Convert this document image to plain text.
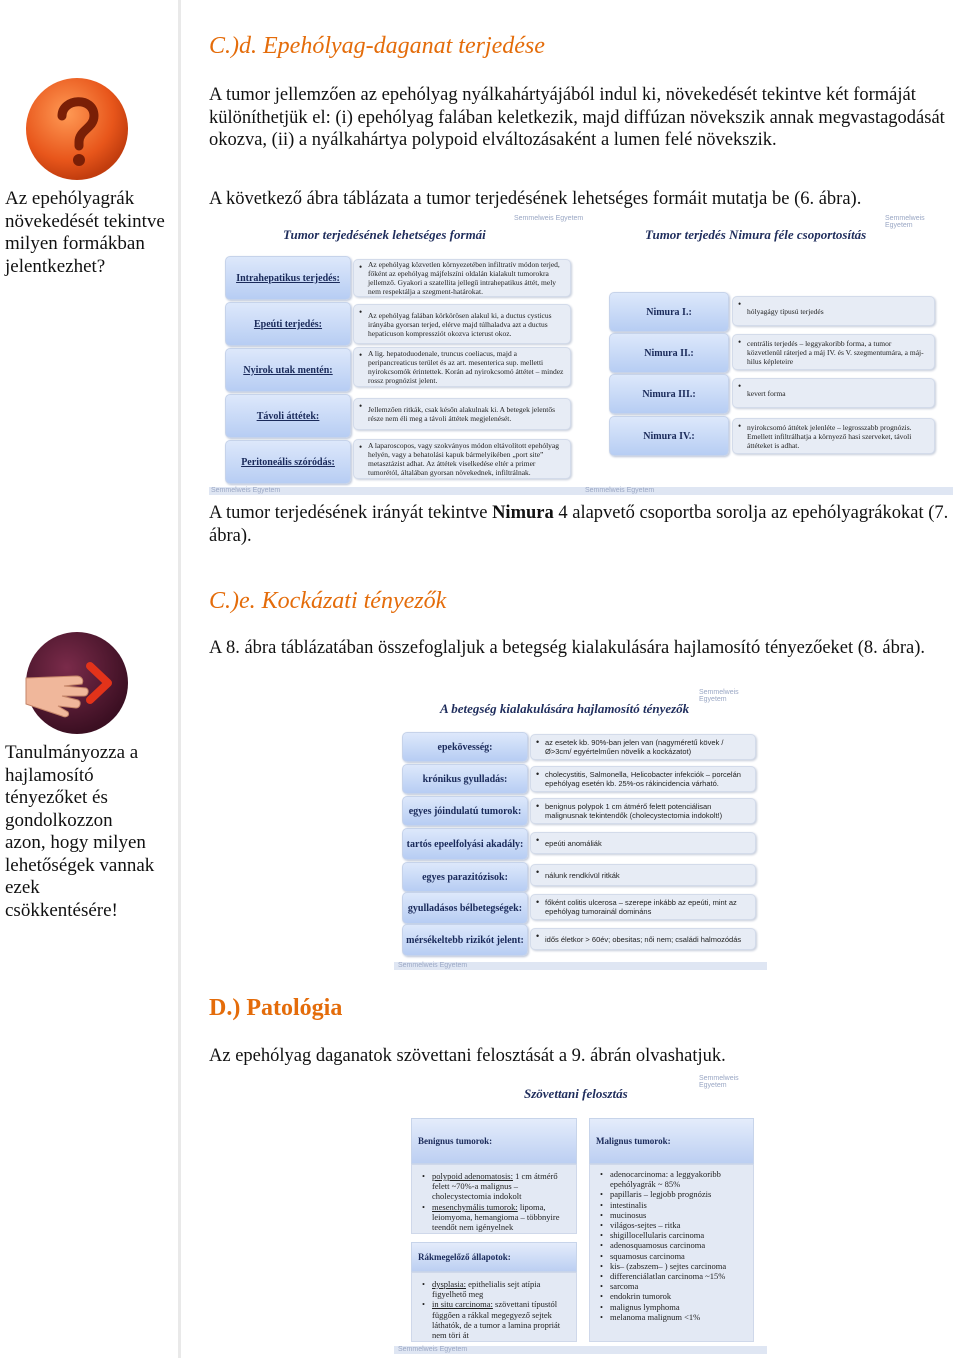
Az epehólyagrák növekedését tekintve milyen formákban jelentkezhet?
Tanulmányozza a hajlamosító tényezőket és gondolkozzon azon, hogy milyen lehetőségek vannak ezek csökkentésére!
C.)d. Epehólyag-daganat terjedése

A tumor jellemzően az epehólyag nyálkahártyájából indul ki, növekedését tekintve két formáját különíthetjük el: (i) epehólyag falában keletkezik, majd diffúzan növekszik annak megvastagodását okozva, (ii) a nyálkahártya polypoid elváltozásaként a lumen felé növekszik.

A következő ábra táblázata a tumor terjedésének lehetséges formáit mutatja be (6. ábra).

Semmelweis Egyetem	Semmelweis Egyetem
Tumor terjedésének lehetséges formái	Tumor terjedés Nimura féle csoportosítás
Intrahepatikus terjedés:
• Az epehólyag közvetlen környezetében infiltratív módon terjed, főként az epehólyag májfelszíni oldalán kialakult tumorokra jellemző. Gyakori a szatellita jellegű intrahepatikus áttét, mely nem respektálja a szegment-határokat.
Epeúti terjedés:
• Az epehólyag falában körkörösen alakul ki, a ductus cysticus irányába gyorsan terjed, elérve majd túlhaladva azt a ductus hepaticuson kompressziót okozva icterust okoz.
Nyirok utak mentén:
• A lig. hepatoduodenale, truncus coeliacus, majd a peripancreaticus terület és az art. mesenterica sup. melletti nyirokcsomók érintettek. Korán ad nyirokcsomó áttétet – mindez rossz prognózist jelent.
Távoli áttétek:
• Jellemzően ritkák, csak későn alakulnak ki. A betegek jelentős része nem éli meg a távoli áttétek megjelenését.
Peritoneális szóródás:
• A laparoscopos, vagy szokványos módon eltávolított epehólyag helyén, vagy a behatolási kapuk bármelyikében „port site” metasztázist adhat. Az áttétek viselkedése eltér a primer tumorétól, általában gyorsan növekednek, infiltrálnak.
Nimura I.:	• hólyagágy típusú terjedés
Nimura II.:
• centrális terjedés – leggyakoribb forma, a tumor közvetlenül ráterjed a máj IV. és V. szegmentumára, a máj-hilus képleteire
Nimura III.:	• kevert forma
Nimura IV.:
• nyirokcsomó áttétek jelenléte – legrosszabb prognózis. Emellett infiltrálhatja a környező hasi szerveket, távoli áttéteket is adhat.
Semmelweis Egyetem	Semmelweis Egyetem

A tumor terjedésének irányát tekintve Nimura 4 alapvető csoportba sorolja az epehólyagrákokat (7. ábra).

C.)e. Kockázati tényezők

A 8. ábra táblázatában összefoglaljuk a betegség kialakulására hajlamosító tényezőeket (8. ábra).

Semmelweis Egyetem
A betegség kialakulására hajlamosító tényezők
epekövesség:	• az esetek kb. 90%-ban jelen van (nagyméretű kövek /Ø>3cm/ egyértelműen növelik a kockázatot)
krónikus gyulladás:	• cholecystitis, Salmonella, Helicobacter infekciók – porcelán epehólyag esetén kb. 25%-os rákincidencia várható.
egyes jóindulatú tumorok:	• benignus polypok 1 cm átmérő felett potenciálisan malignusnak tekintendők (cholecystectomia indokolt!)
tartós epeelfolyási akadály:	• epeúti anomáliák
egyes parazitózisok:	• nálunk rendkívül ritkák
gyulladásos bélbetegségek:	• főként colitis ulcerosa – szerepe inkább az epeúti, mint az epehólyag tumorainál domináns
mérsékeltebb rizikót jelent:	• idős életkor > 60év; obesitas; női nem; családi halmozódás
Semmelweis Egyetem
D.) Patológia

Az epehólyag daganatok szövettani felosztását a 9. ábrán olvashatjuk.

Semmelweis Egyetem
Szövettani felosztás
Benignus tumorok:
• polypoid adenomatosis: 1 cm átmérő felett ~70%-a malignus – cholecystectomia indokolt
• mesenchymális tumorok: lipoma, leiomyoma, hemangioma – többnyire teendőt nem igényelnek
Rákmegelőző állapotok:
• dysplasia: epithelialis sejt atípia figyelhető meg
• in situ carcinoma: szövettani típustól függően a rákkal megegyező sejtek láthatók, de a tumor a lamina propriát nem töri át
Malignus tumorok:
• adenocarcinoma: a leggyakoribb epehólyagrák ~ 85%
• papillaris – legjobb prognózis
• intestinalis
• mucinosus
• világos-sejtes – ritka
• shigillocellularis carcinoma
• adenosquamosus carcinoma
• squamosus carcinoma
• kis– (zabszem– ) sejtes carcinoma
• differenciálatlan carcinoma ~15%
• sarcoma
• endokrin tumorok
• malignus lymphoma
• melanoma malignum <1%
Semmelweis Egyetem
